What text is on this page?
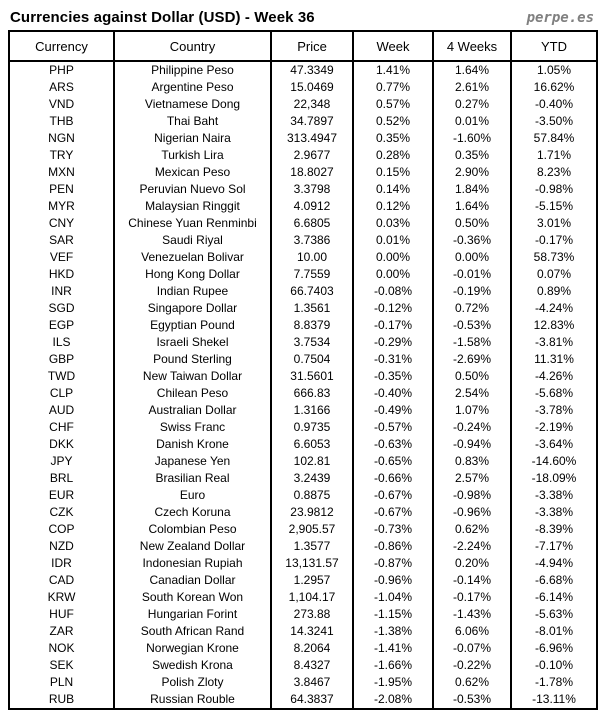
Currencies against Dollar (USD) - Week 36	perpe.es
Currency	Country	Price	Week	4 Weeks	YTD
PHP	Philippine Peso	47.3349	1.41%	1.64%	1.05%
ARS	Argentine Peso	15.0469	0.77%	2.61%	16.62%
VND	Vietnamese Dong	22,348	0.57%	0.27%	-0.40%
THB	Thai Baht	34.7897	0.52%	0.01%	-3.50%
NGN	Nigerian Naira	313.4947	0.35%	-1.60%	57.84%
TRY	Turkish Lira	2.9677	0.28%	0.35%	1.71%
MXN	Mexican Peso	18.8027	0.15%	2.90%	8.23%
PEN	Peruvian Nuevo Sol	3.3798	0.14%	1.84%	-0.98%
MYR	Malaysian Ringgit	4.0912	0.12%	1.64%	-5.15%
CNY	Chinese Yuan Renminbi	6.6805	0.03%	0.50%	3.01%
SAR	Saudi Riyal	3.7386	0.01%	-0.36%	-0.17%
VEF	Venezuelan Bolivar	10.00	0.00%	0.00%	58.73%
HKD	Hong Kong Dollar	7.7559	0.00%	-0.01%	0.07%
INR	Indian Rupee	66.7403	-0.08%	-0.19%	0.89%
SGD	Singapore Dollar	1.3561	-0.12%	0.72%	-4.24%
EGP	Egyptian Pound	8.8379	-0.17%	-0.53%	12.83%
ILS	Israeli Shekel	3.7534	-0.29%	-1.58%	-3.81%
GBP	Pound Sterling	0.7504	-0.31%	-2.69%	11.31%
TWD	New Taiwan Dollar	31.5601	-0.35%	0.50%	-4.26%
CLP	Chilean Peso	666.83	-0.40%	2.54%	-5.68%
AUD	Australian Dollar	1.3166	-0.49%	1.07%	-3.78%
CHF	Swiss Franc	0.9735	-0.57%	-0.24%	-2.19%
DKK	Danish Krone	6.6053	-0.63%	-0.94%	-3.64%
JPY	Japanese Yen	102.81	-0.65%	0.83%	-14.60%
BRL	Brasilian Real	3.2439	-0.66%	2.57%	-18.09%
EUR	Euro	0.8875	-0.67%	-0.98%	-3.38%
CZK	Czech Koruna	23.9812	-0.67%	-0.96%	-3.38%
COP	Colombian Peso	2,905.57	-0.73%	0.62%	-8.39%
NZD	New Zealand Dollar	1.3577	-0.86%	-2.24%	-7.17%
IDR	Indonesian Rupiah	13,131.57	-0.87%	0.20%	-4.94%
CAD	Canadian Dollar	1.2957	-0.96%	-0.14%	-6.68%
KRW	South Korean Won	1,104.17	-1.04%	-0.17%	-6.14%
HUF	Hungarian Forint	273.88	-1.15%	-1.43%	-5.63%
ZAR	South African Rand	14.3241	-1.38%	6.06%	-8.01%
NOK	Norwegian Krone	8.2064	-1.41%	-0.07%	-6.96%
SEK	Swedish Krona	8.4327	-1.66%	-0.22%	-0.10%
PLN	Polish Zloty	3.8467	-1.95%	0.62%	-1.78%
RUB	Russian Rouble	64.3837	-2.08%	-0.53%	-13.11%
